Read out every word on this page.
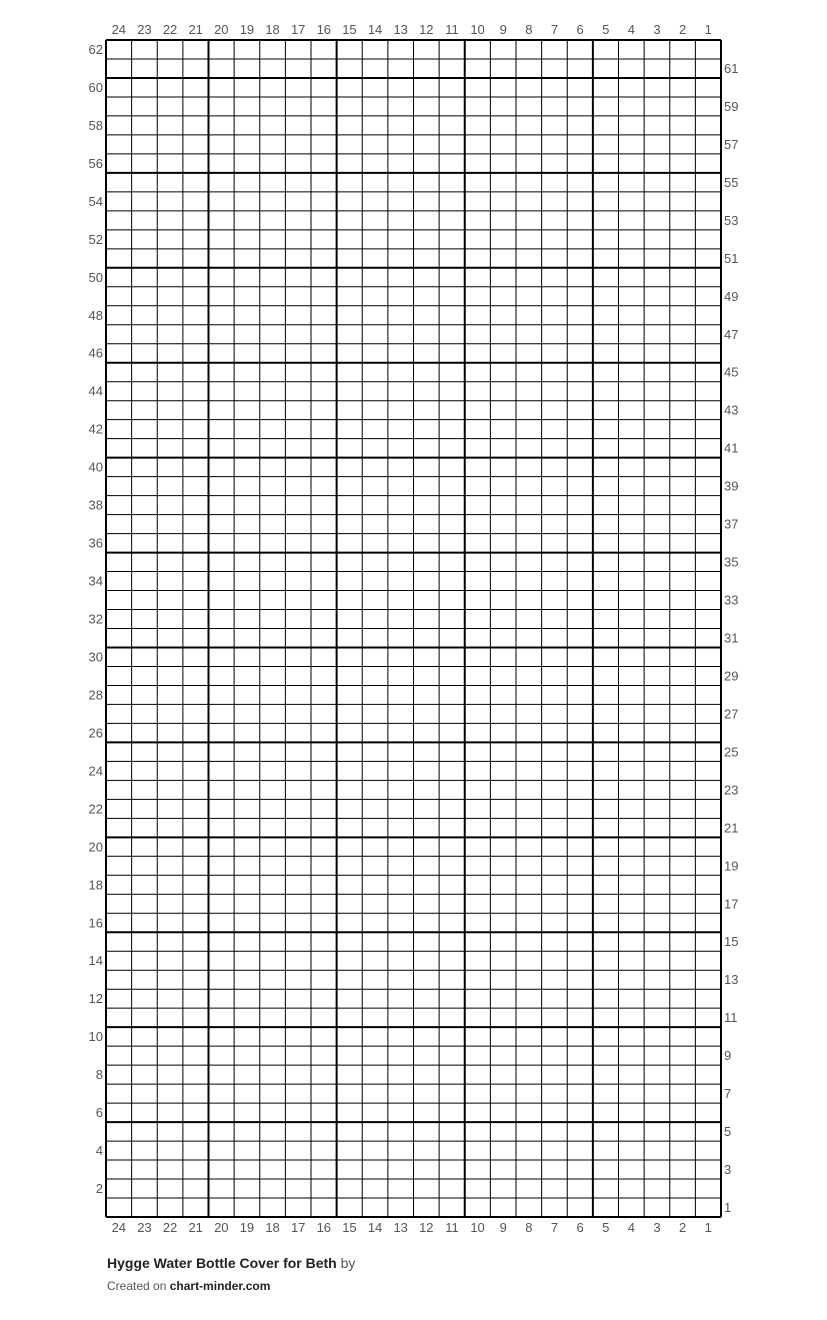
24
24
23
23
22
22
21
21
20
20
19
19
18
18
17
17
16
16
15
15
14
14
13
13
12
12
11
11
10
10
9
9
8
8
7
7
6
6
5
5
4
4
3
3
2
2
1
1
1
2
3
4
5
6
7
8
9
10
11
12
13
14
15
16
17
18
19
20
21
22
23
24
25
26
27
28
29
30
31
32
33
34
35
36
37
38
39
40
41
42
43
44
45
46
47
48
49
50
51
52
53
54
55
56
57
58
59
60
61
62
Hygge Water Bottle Cover for Beth by
Created on chart-minder.com
